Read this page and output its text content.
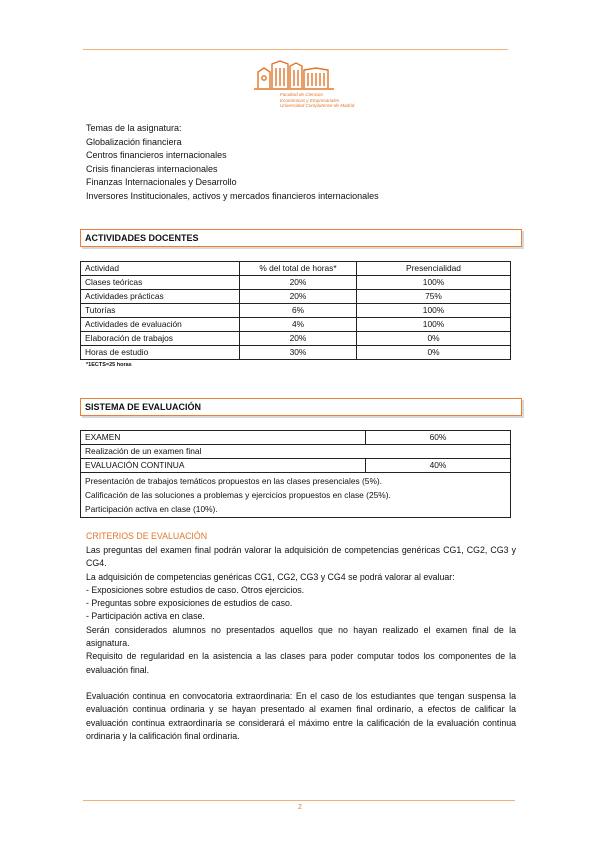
Facultad de Ciencias
Económicas y Empresariales
Universidad Complutense de Madrid
Temas de la asignatura:
Globalización financiera
Centros financieros internacionales
Crisis financieras internacionales
Finanzas Internacionales y Desarrollo
Inversores Institucionales, activos y mercados financieros internacionales
ACTIVIDADES DOCENTES
Actividad	% del total de horas*	Presencialidad
Clases teóricas	20%	100%
Actividades prácticas	20%	75%
Tutorías	6%	100%
Actividades de evaluación	4%	100%
Elaboración de trabajos	20%	0%
Horas de estudio	30%	0%
*1ECTS=25 horas
SISTEMA DE EVALUACIÓN
EXAMEN	60%
Realización de un examen final	
EVALUACIÓN CONTINUA	40%

Presentación de trabajos temáticos propuestos en las clases presenciales (5%).
Calificación de las soluciones a problemas y ejercicios propuestos en clase (25%).
Participación activa en clase (10%).	
CRITERIOS DE EVALUACIÓN

Las preguntas del examen final podrán valorar la adquisición de competencias genéricas CG1, CG2, CG3 y CG4.

La adquisición de competencias genéricas CG1, CG2, CG3 y CG4 se podrá valorar al evaluar:

- Exposiciones sobre estudios de caso. Otros ejercicios.

- Preguntas sobre exposiciones de estudios de caso.

- Participación activa en clase.

Serán considerados alumnos no presentados aquellos que no hayan realizado el examen final de la asignatura.

Requisito de regularidad en la asistencia a las clases para poder computar todos los componentes de la evaluación final.

Evaluación continua en convocatoria extraordinaria: En el caso de los estudiantes que tengan suspensa la evaluación continua ordinaria y se hayan presentado al examen final ordinario, a efectos de calificar la evaluación continua extraordinaria se considerará el máximo entre la calificación de la evaluación continua ordinaria y la calificación final ordinaria.

2
